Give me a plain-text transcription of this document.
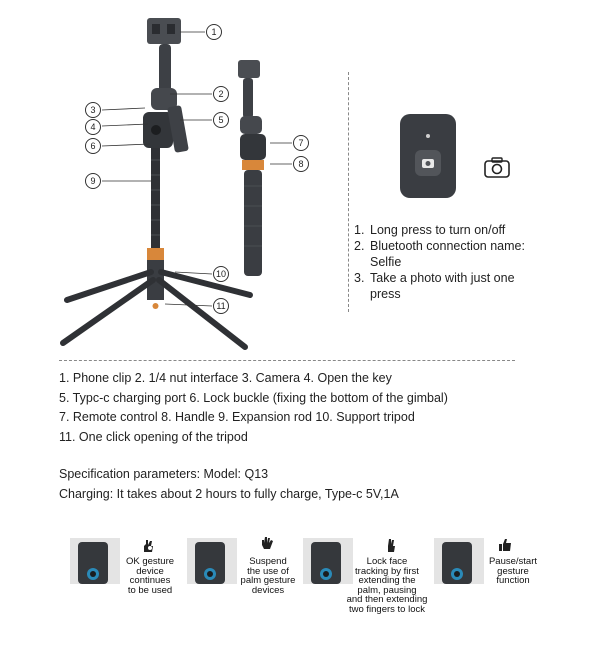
1
2
3
4
5
6
9
7
8
10
11
1. Long press to turn on/off
2. Bluetooth connection name: Selfie
3. Take a photo with just one press
1. Phone clip 2. 1/4 nut interface 3. Camera 4. Open the key
5. Typc-c charging port 6. Lock buckle (fixing the bottom of the gimbal)
7. Remote control 8. Handle 9. Expansion rod 10. Support tripod
11. One click opening of the tripod
Specification parameters: Model: Q13
Charging: It takes about 2 hours to fully charge, Type-c 5V,1A
OK gesture
device
continues
to be used
Suspend
the use of
palm gesture
devices
Lock face
tracking by first
extending the
palm, pausing
and then extending
two fingers to lock
Pause/start
gesture
function
